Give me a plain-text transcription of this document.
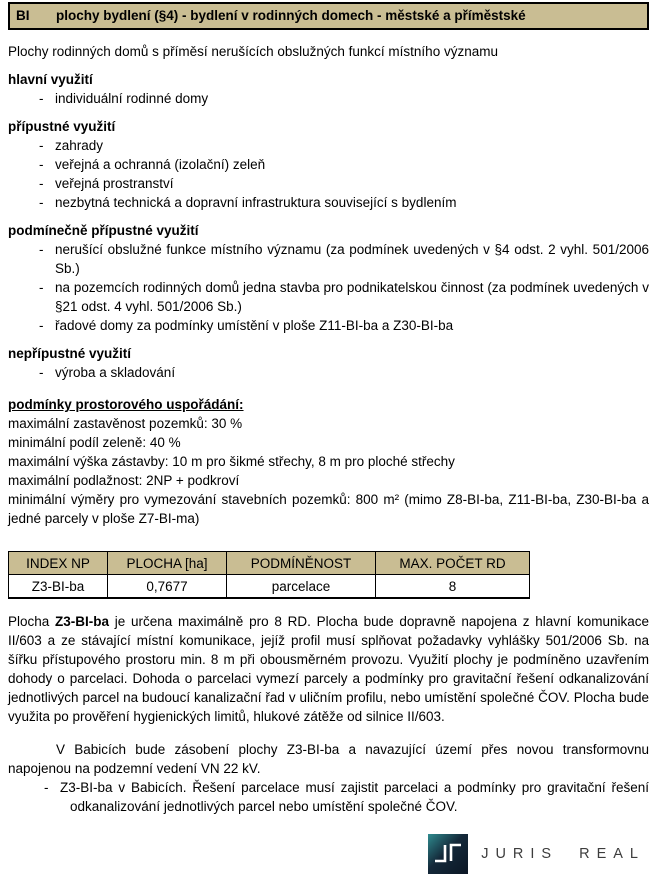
BI	plochy bydlení (§4) - bydlení v rodinných domech - městské a příměstské

Plochy rodinných domů s příměsí nerušících obslužných funkcí místního významu

hlavní využití
- individuální rodinné domy
přípustné využití
- zahrady
- veřejná a ochranná (izolační) zeleň
- veřejná prostranství
- nezbytná technická a dopravní infrastruktura související s bydlením
podmínečně přípustné využití
- nerušící obslužné funkce místního významu (za podmínek uvedených v §4 odst. 2 vyhl. 501/2006 Sb.)
- na pozemcích rodinných domů jedna stavba pro podnikatelskou činnost (za podmínek uvedených v §21 odst. 4 vyhl. 501/2006 Sb.)
- řadové domy za podmínky umístění v ploše Z11-BI-ba a Z30-BI-ba
nepřípustné využití
- výroba a skladování
podmínky prostorového uspořádání:
maximální zastavěnost pozemků: 30 %
minimální podíl zeleně: 40 %
maximální výška zástavby: 10 m pro šikmé střechy, 8 m pro ploché střechy
maximální podlažnost: 2NP + podkroví
minimální výměry pro vymezování stavebních pozemků: 800 m² (mimo Z8-BI-ba, Z11-BI-ba, Z30-BI-ba a jedné parcely v ploše Z7-BI-ma)
INDEX NP	PLOCHA [ha]	PODMÍNĚNOST	MAX. POČET RD
Z3-BI-ba	0,7677	parcelace	8

Plocha Z3-BI-ba je určena maximálně pro 8 RD. Plocha bude dopravně napojena z hlavní komunikace II/603 a ze stávající místní komunikace, jejíž profil musí splňovat požadavky vyhlášky 501/2006 Sb. na šířku přístupového prostoru min. 8 m při obousměrném provozu. Využití plochy je podmíněno uzavřením dohody o parcelaci. Dohoda o parcelaci vymezí parcely a podmínky pro gravitační řešení odkanalizování jednotlivých parcel na budoucí kanalizační řad v uličním profilu, nebo umístění společné ČOV. Plocha bude využita po prověření hygienických limitů, hlukové zátěže od silnice II/603.

V Babicích bude zásobení plochy Z3-BI-ba a navazující území přes novou transformovnu napojenou na podzemní vedení VN 22 kV.

- Z3-BI-ba v Babicích. Řešení parcelace musí zajistit parcelaci a podmínky pro gravitační řešení odkanalizování jednotlivých parcel nebo umístění společné ČOV.
JURIS REAL
